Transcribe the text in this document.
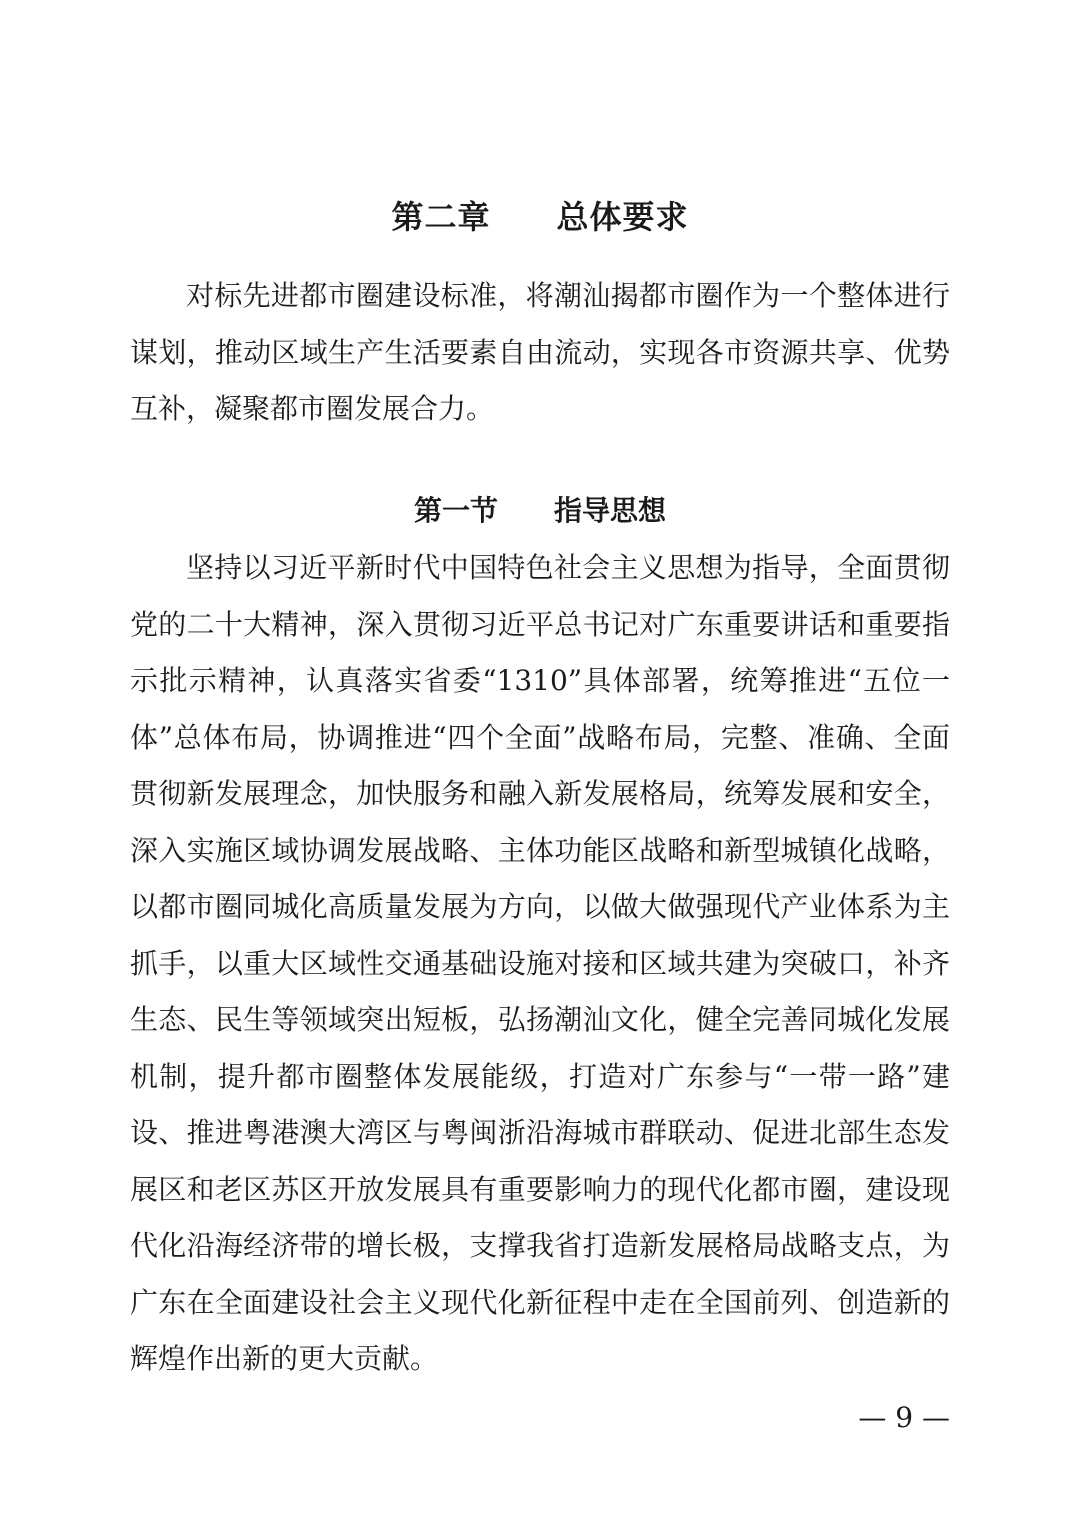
第二章　　总体要求

对标先进都市圈建设标准，将潮汕揭都市圈作为一个整体进行谋划，推动区域生产生活要素自由流动，实现各市资源共享、优势互补，凝聚都市圈发展合力。

第一节　　指导思想

坚持以习近平新时代中国特色社会主义思想为指导，全面贯彻党的二十大精神，深入贯彻习近平总书记对广东重要讲话和重要指示批示精神，认真落实省委“1310”具体部署，统筹推进“五位一体”总体布局，协调推进“四个全面”战略布局，完整、准确、全面贯彻新发展理念，加快服务和融入新发展格局，统筹发展和安全，深入实施区域协调发展战略、主体功能区战略和新型城镇化战略，以都市圈同城化高质量发展为方向，以做大做强现代产业体系为主抓手，以重大区域性交通基础设施对接和区域共建为突破口，补齐生态、民生等领域突出短板，弘扬潮汕文化，健全完善同城化发展机制，提升都市圈整体发展能级，打造对广东参与“一带一路”建设、推进粤港澳大湾区与粤闽浙沿海城市群联动、促进北部生态发展区和老区苏区开放发展具有重要影响力的现代化都市圈，建设现代化沿海经济带的增长极，支撑我省打造新发展格局战略支点，为广东在全面建设社会主义现代化新征程中走在全国前列、创造新的辉煌作出新的更大贡献。

— 9 —
